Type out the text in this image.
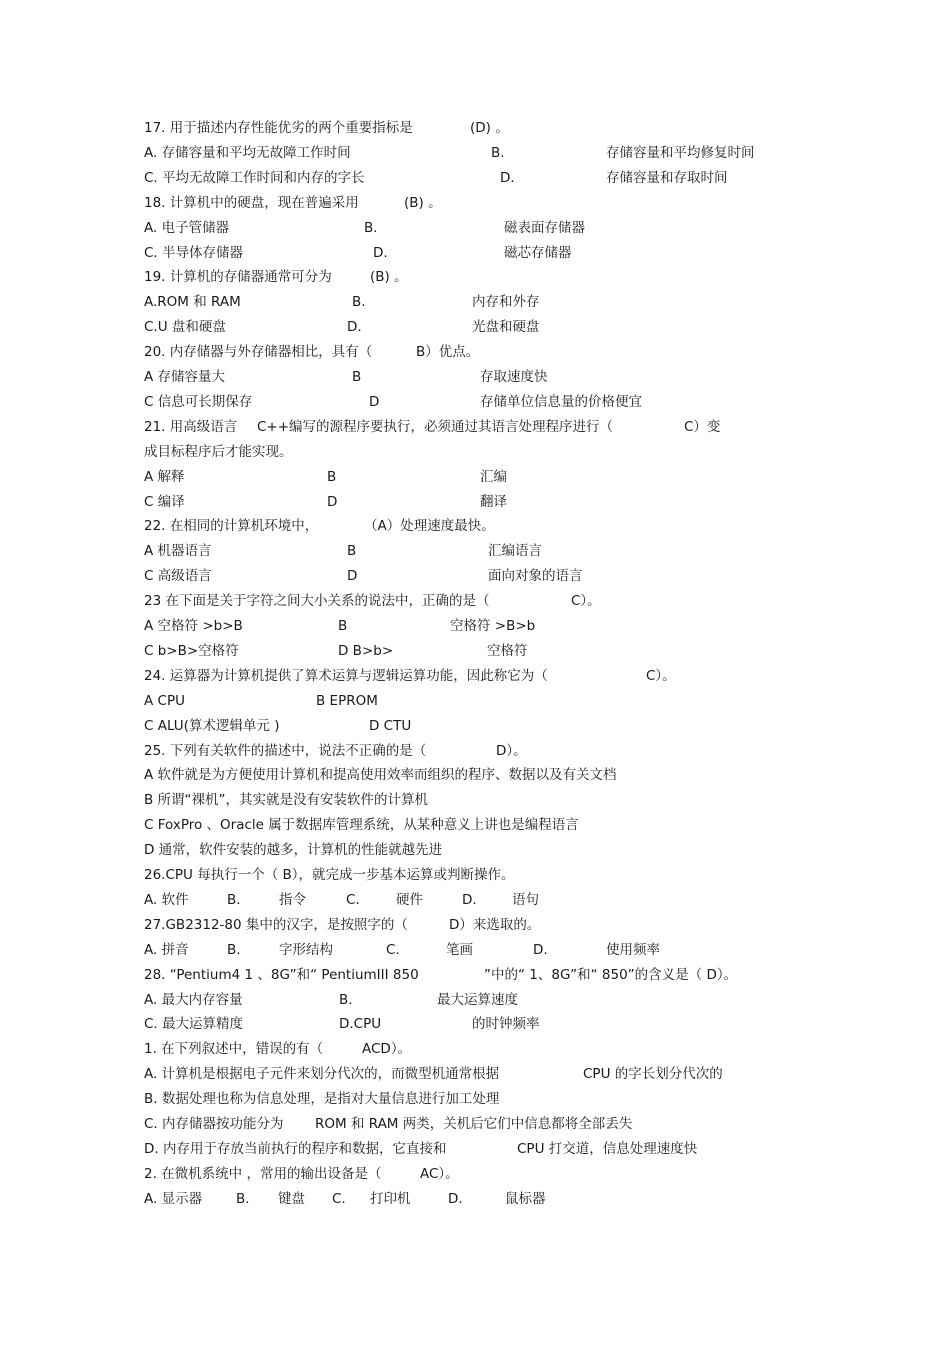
17. 用于描述内存性能优劣的两个重要指标是	(D) 。
A. 存储容量和平均无故障工作时间	B.	存储容量和平均修复时间
C. 平均无故障工作时间和内存的字长	D.	存储容量和存取时间
18. 计算机中的硬盘，现在普遍采用	(B) 。
A. 电子管储器	B.	磁表面存储器
C. 半导体存储器	D.	磁芯存储器
19. 计算机的存储器通常可分为	(B) 。
A.ROM 和 RAM	B.	内存和外存
C.U 盘和硬盘	D.	光盘和硬盘
20. 内存储器与外存储器相比，具有（	B）优点。
A 存储容量大	B	存取速度快
C 信息可长期保存	D	存储单位信息量的价格便宜
21. 用高级语言 C++编写的源程序要执行，必须通过其语言处理程序进行（	C）变
成目标程序后才能实现。
A 解释	B	汇编
C 编译	D	翻译
22. 在相同的计算机环境中，	（A）处理速度最快。
A 机器语言	B	汇编语言
C 高级语言	D	面向对象的语言
23 在下面是关于字符之间大小关系的说法中，正确的是（	C）。
A 空格符 >b>B	B	空格符 >B>b
C b>B>空格符	D B>b>	空格符
24. 运算器为计算机提供了算术运算与逻辑运算功能，因此称它为（	C）。
A CPU	B EPROM
C ALU(算术逻辑单元 )	D CTU
25. 下列有关软件的描述中，说法不正确的是（	D）。
A 软件就是为方便使用计算机和提高使用效率而组织的程序、数据以及有关文档
B 所谓“裸机”，其实就是没有安装软件的计算机
C FoxPro 、Oracle 属于数据库管理系统，从某种意义上讲也是编程语言
D 通常，软件安装的越多，计算机的性能就越先进
26.CPU 每执行一个（ B），就完成一步基本运算或判断操作。
A. 软件	B.	指令	C.	硬件	D.	语句
27.GB2312-80 集中的汉字，是按照字的（	D）来选取的。
A. 拼音	B.	字形结构	C.	笔画	D.	使用频率
28. “Pentium4 1 、8G”和“ PentiumIII 850	”中的“ 1、8G”和“ 850”的含义是（ D）。
A. 最大内存容量	B.	最大运算速度
C. 最大运算精度	D.CPU	的时钟频率
1. 在下列叙述中，错误的有（	ACD）。
A. 计算机是根据电子元件来划分代次的，而微型机通常根据	CPU 的字长划分代次的
B. 数据处理也称为信息处理，是指对大量信息进行加工处理
C. 内存储器按功能分为 ROM 和 RAM 两类，关机后它们中信息都将全部丢失
D. 内存用于存放当前执行的程序和数据，它直接和	CPU 打交道，信息处理速度快
2. 在微机系统中 ，常用的输出设备是（	AC）。
A. 显示器	B. 键盘 C. 打印机	D.	鼠标器
